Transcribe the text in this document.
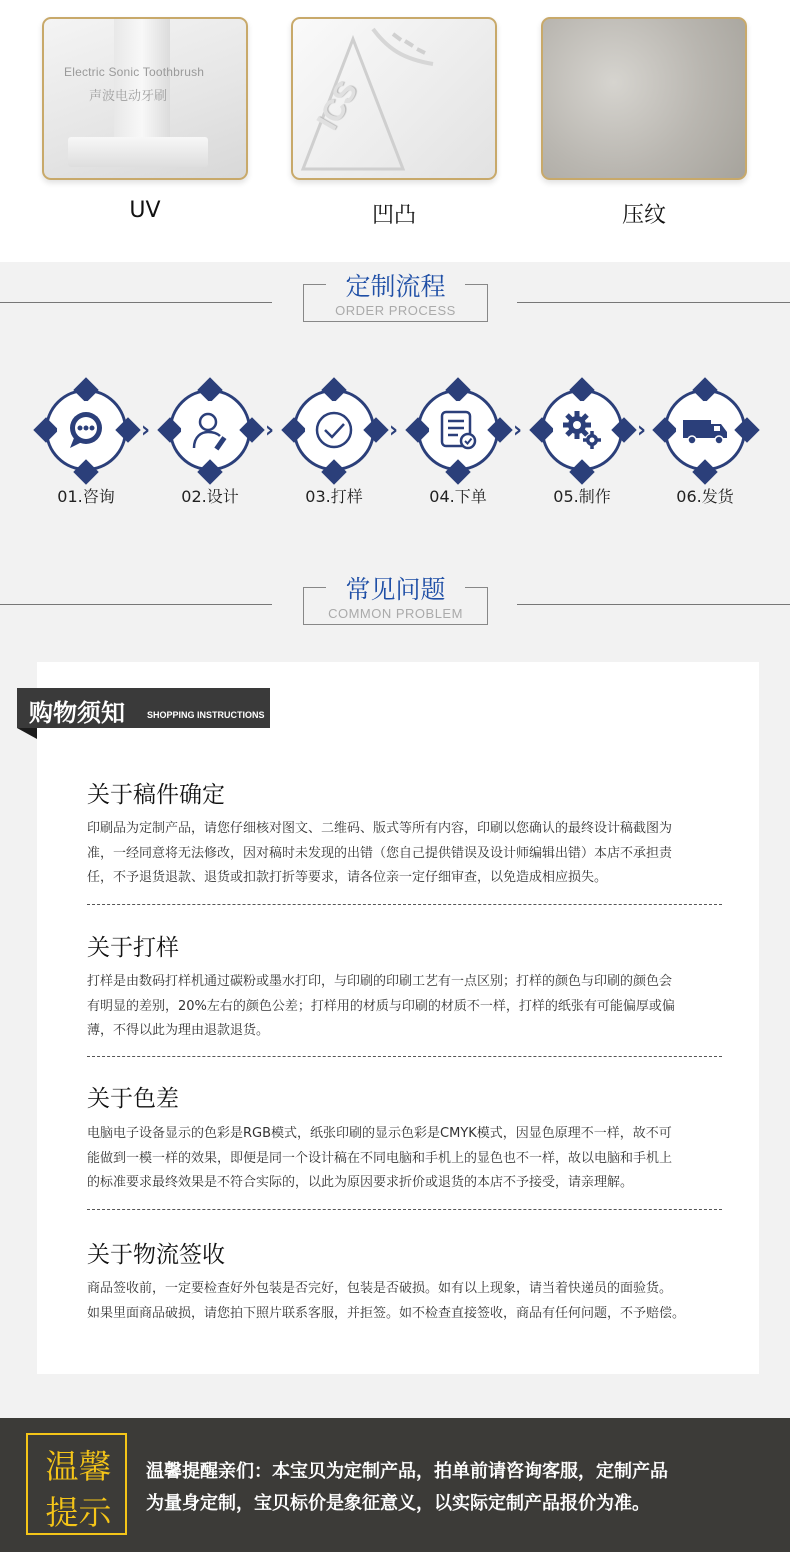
Electric Sonic Toothbrush
声波电动牙刷	ICS
UV	凹凸	压纹
定制流程
ORDER PROCESS
›	›	›	›	›
01.咨询	02.设计	03.打样	04.下单	05.制作	06.发货
常见问题
COMMON PROBLEM
购物须知 SHOPPING INSTRUCTIONS
关于稿件确定
印刷品为定制产品，请您仔细核对图文、二维码、版式等所有内容，印刷以您确认的最终设计稿截图为
准，一经同意将无法修改，因对稿时未发现的出错（您自己提供错误及设计师编辑出错）本店不承担责
任，不予退货退款、退货或扣款打折等要求，请各位亲一定仔细审查，以免造成相应损失。
关于打样
打样是由数码打样机通过碳粉或墨水打印，与印刷的印刷工艺有一点区别；打样的颜色与印刷的颜色会
有明显的差别，20%左右的颜色公差；打样用的材质与印刷的材质不一样，打样的纸张有可能偏厚或偏
薄，不得以此为理由退款退货。
关于色差
电脑电子设备显示的色彩是RGB模式，纸张印刷的显示色彩是CMYK模式，因显色原理不一样，故不可
能做到一模一样的效果，即便是同一个设计稿在不同电脑和手机上的显色也不一样，故以电脑和手机上
的标准要求最终效果是不符合实际的，以此为原因要求折价或退货的本店不予接受，请亲理解。
关于物流签收
商品签收前，一定要检查好外包装是否完好，包装是否破损。如有以上现象，请当着快递员的面验货。
如果里面商品破损，请您拍下照片联系客服，并拒签。如不检查直接签收，商品有任何问题，不予赔偿。
温馨
提示
温馨提醒亲们：本宝贝为定制产品，拍单前请咨询客服，定制产品
为量身定制，宝贝标价是象征意义，以实际定制产品报价为准。
